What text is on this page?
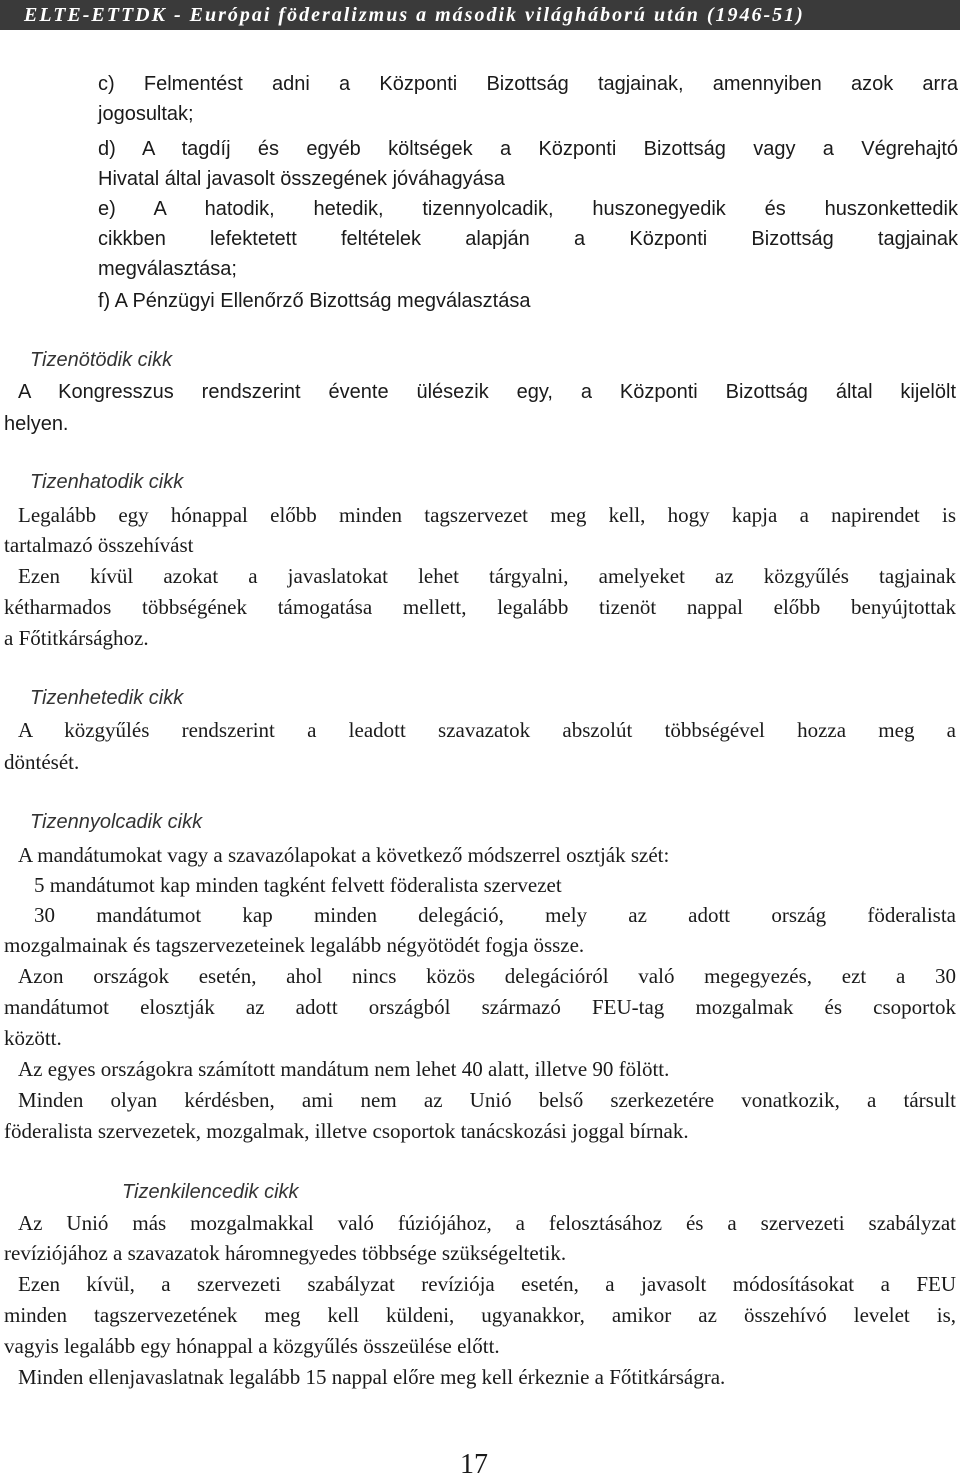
ELTE-ETTDK - Európai föderalizmus a második világháború után (1946-51)
c) Felmentést adni a Központi Bizottság tagjainak, amennyiben azok arra
jogosultak;
d) A tagdíj és egyéb költségek a Központi Bizottság vagy a Végrehajtó
Hivatal által javasolt összegének jóváhagyása
e) A hatodik, hetedik, tizennyolcadik, huszonegyedik és huszonkettedik
cikkben lefektetett feltételek alapján a Központi Bizottság tagjainak
megválasztása;
f) A Pénzügyi Ellenőrző Bizottság megválasztása
Tizenötödik cikk
A Kongresszus rendszerint évente ülésezik egy, a Központi Bizottság által kijelölt
helyen.
Tizenhatodik cikk
Legalább egy hónappal előbb minden tagszervezet meg kell, hogy kapja a napirendet is
tartalmazó összehívást
Ezen kívül azokat a javaslatokat lehet tárgyalni, amelyeket az közgyűlés tagjainak
kétharmados többségének támogatása mellett, legalább tizenöt nappal előbb benyújtottak
a Főtitkársághoz.
Tizenhetedik cikk
A közgyűlés rendszerint a leadott szavazatok abszolút többségével hozza meg a
döntését.
Tizennyolcadik cikk
A mandátumokat vagy a szavazólapokat a következő módszerrel osztják szét:
5 mandátumot kap minden tagként felvett föderalista szervezet
30 mandátumot kap minden delegáció, mely az adott ország föderalista
mozgalmainak és tagszervezeteinek legalább négyötödét fogja össze.
Azon országok esetén, ahol nincs közös delegációról való megegyezés, ezt a 30
mandátumot elosztják az adott országból származó FEU-tag mozgalmak és csoportok
között.
Az egyes országokra számított mandátum nem lehet 40 alatt, illetve 90 fölött.
Minden olyan kérdésben, ami nem az Unió belső szerkezetére vonatkozik, a társult
föderalista szervezetek, mozgalmak, illetve csoportok tanácskozási joggal bírnak.
Tizenkilencedik cikk
Az Unió más mozgalmakkal való fúziójához, a felosztásához és a szervezeti szabályzat
revíziójához a szavazatok háromnegyedes többsége szükségeltetik.
Ezen kívül, a szervezeti szabályzat revíziója esetén, a javasolt módosításokat a FEU
minden tagszervezetének meg kell küldeni, ugyanakkor, amikor az összehívó levelet is,
vagyis legalább egy hónappal a közgyűlés összeülése előtt.
Minden ellenjavaslatnak legalább 15 nappal előre meg kell érkeznie a Főtitkárságra.
17
